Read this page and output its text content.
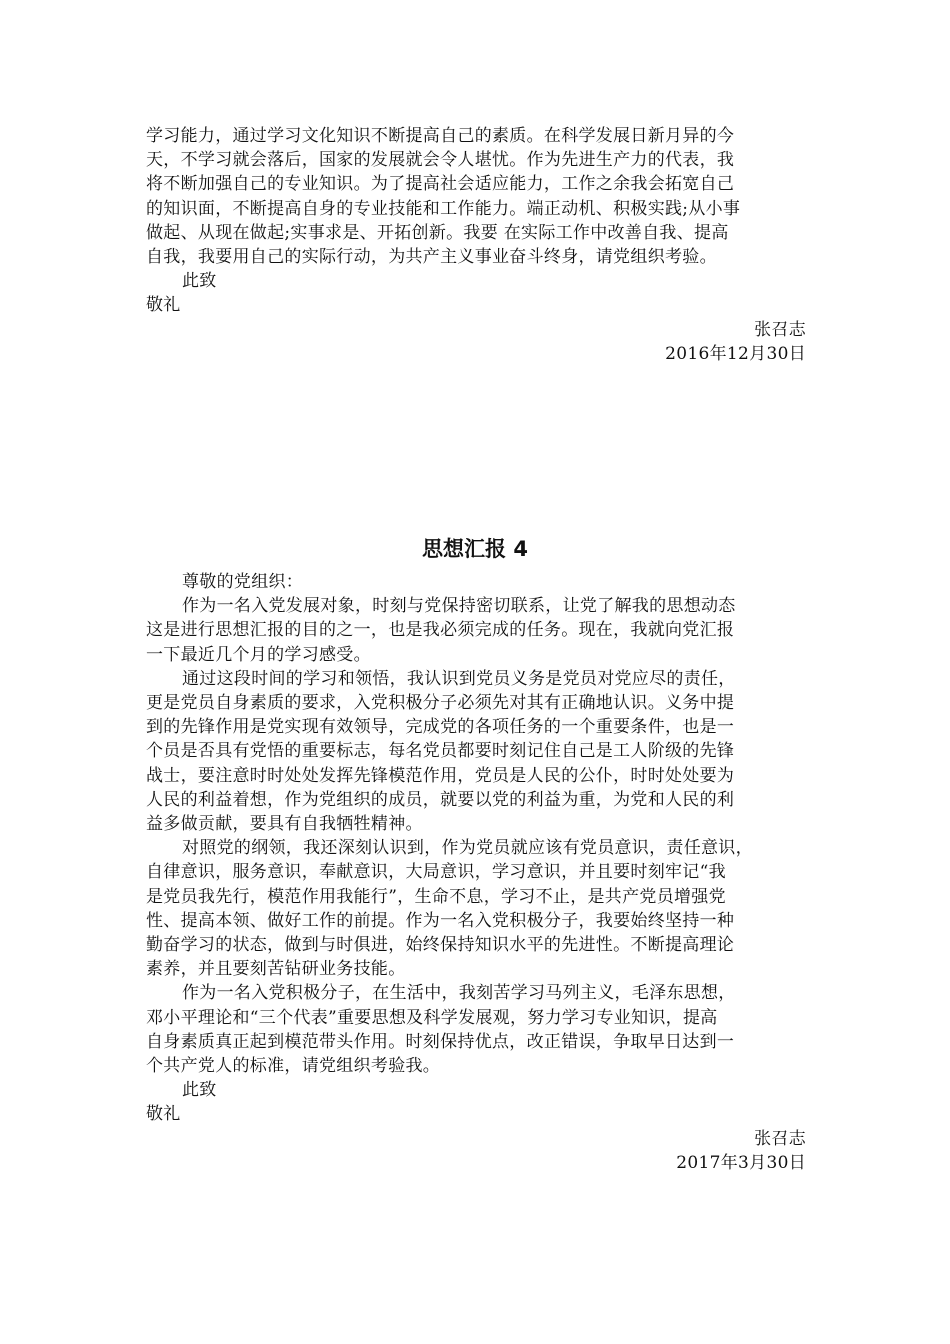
学习能力，通过学习文化知识不断提高自己的素质。在科学发展日新月异的今
天，不学习就会落后，国家的发展就会令人堪忧。作为先进生产力的代表，我
将不断加强自己的专业知识。为了提高社会适应能力，工作之余我会拓宽自己
的知识面，不断提高自身的专业技能和工作能力。端正动机、积极实践;从小事
做起、从现在做起;实事求是、开拓创新。我要 在实际工作中改善自我、提高
自我，我要用自己的实际行动，为共产主义事业奋斗终身，请党组织考验。
此致
敬礼
张召志
2016年12月30日
思想汇报 4
尊敬的党组织：
作为一名入党发展对象，时刻与党保持密切联系，让党了解我的思想动态
这是进行思想汇报的目的之一，也是我必须完成的任务。现在，我就向党汇报
一下最近几个月的学习感受。
通过这段时间的学习和领悟，我认识到党员义务是党员对党应尽的责任，
更是党员自身素质的要求，入党积极分子必须先对其有正确地认识。义务中提
到的先锋作用是党实现有效领导，完成党的各项任务的一个重要条件，也是一
个员是否具有党悟的重要标志，每名党员都要时刻记住自己是工人阶级的先锋
战士，要注意时时处处发挥先锋模范作用，党员是人民的公仆，时时处处要为
人民的利益着想，作为党组织的成员，就要以党的利益为重，为党和人民的利
益多做贡献，要具有自我牺牲精神。
对照党的纲领，我还深刻认识到，作为党员就应该有党员意识，责任意识，
自律意识，服务意识，奉献意识，大局意识，学习意识，并且要时刻牢记“我
是党员我先行，模范作用我能行”，生命不息，学习不止，是共产党员增强党
性、提高本领、做好工作的前提。作为一名入党积极分子，我要始终坚持一种
勤奋学习的状态，做到与时俱进，始终保持知识水平的先进性。不断提高理论
素养，并且要刻苦钻研业务技能。
作为一名入党积极分子，在生活中，我刻苦学习马列主义，毛泽东思想，
邓小平理论和“三个代表”重要思想及科学发展观，努力学习专业知识，提高
自身素质真正起到模范带头作用。时刻保持优点，改正错误，争取早日达到一
个共产党人的标准，请党组织考验我。
此致
敬礼
张召志
2017年3月30日
